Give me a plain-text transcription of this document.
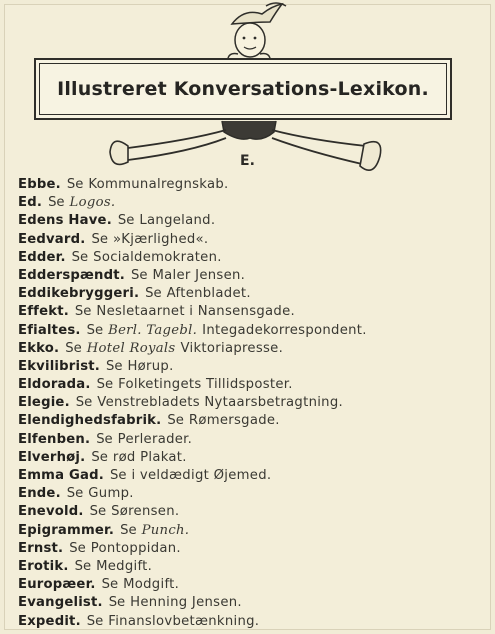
Illustreret Konversations-Lexikon.
E.
Ebbe. Se Kommunalregnskab.
Ed. Se Logos.
Edens Have. Se Langeland.
Eedvard. Se »Kjærlighed«.
Edder. Se Socialdemokraten.
Edderspændt. Se Maler Jensen.
Eddikebryggeri. Se Aftenbladet.
Effekt. Se Nesletaarnet i Nansensgade.
Efialtes. Se Berl. Tagebl. Integadekorrespondent.
Ekko. Se Hotel Royals Viktoriapresse.
Ekvilibrist. Se Hørup.
Eldorada. Se Folketingets Tillidsposter.
Elegie. Se Venstrebladets Nytaarsbetragtning.
Elendighedsfabrik. Se Rømersgade.
Elfenben. Se Perlerader.
Elverhøj. Se rød Plakat.
Emma Gad. Se i veldædigt Øjemed.
Ende. Se Gump.
Enevold. Se Sørensen.
Epigrammer. Se Punch.
Ernst. Se Pontoppidan.
Erotik. Se Medgift.
Europæer. Se Modgift.
Evangelist. Se Henning Jensen.
Expedit. Se Finanslovbetænkning.
